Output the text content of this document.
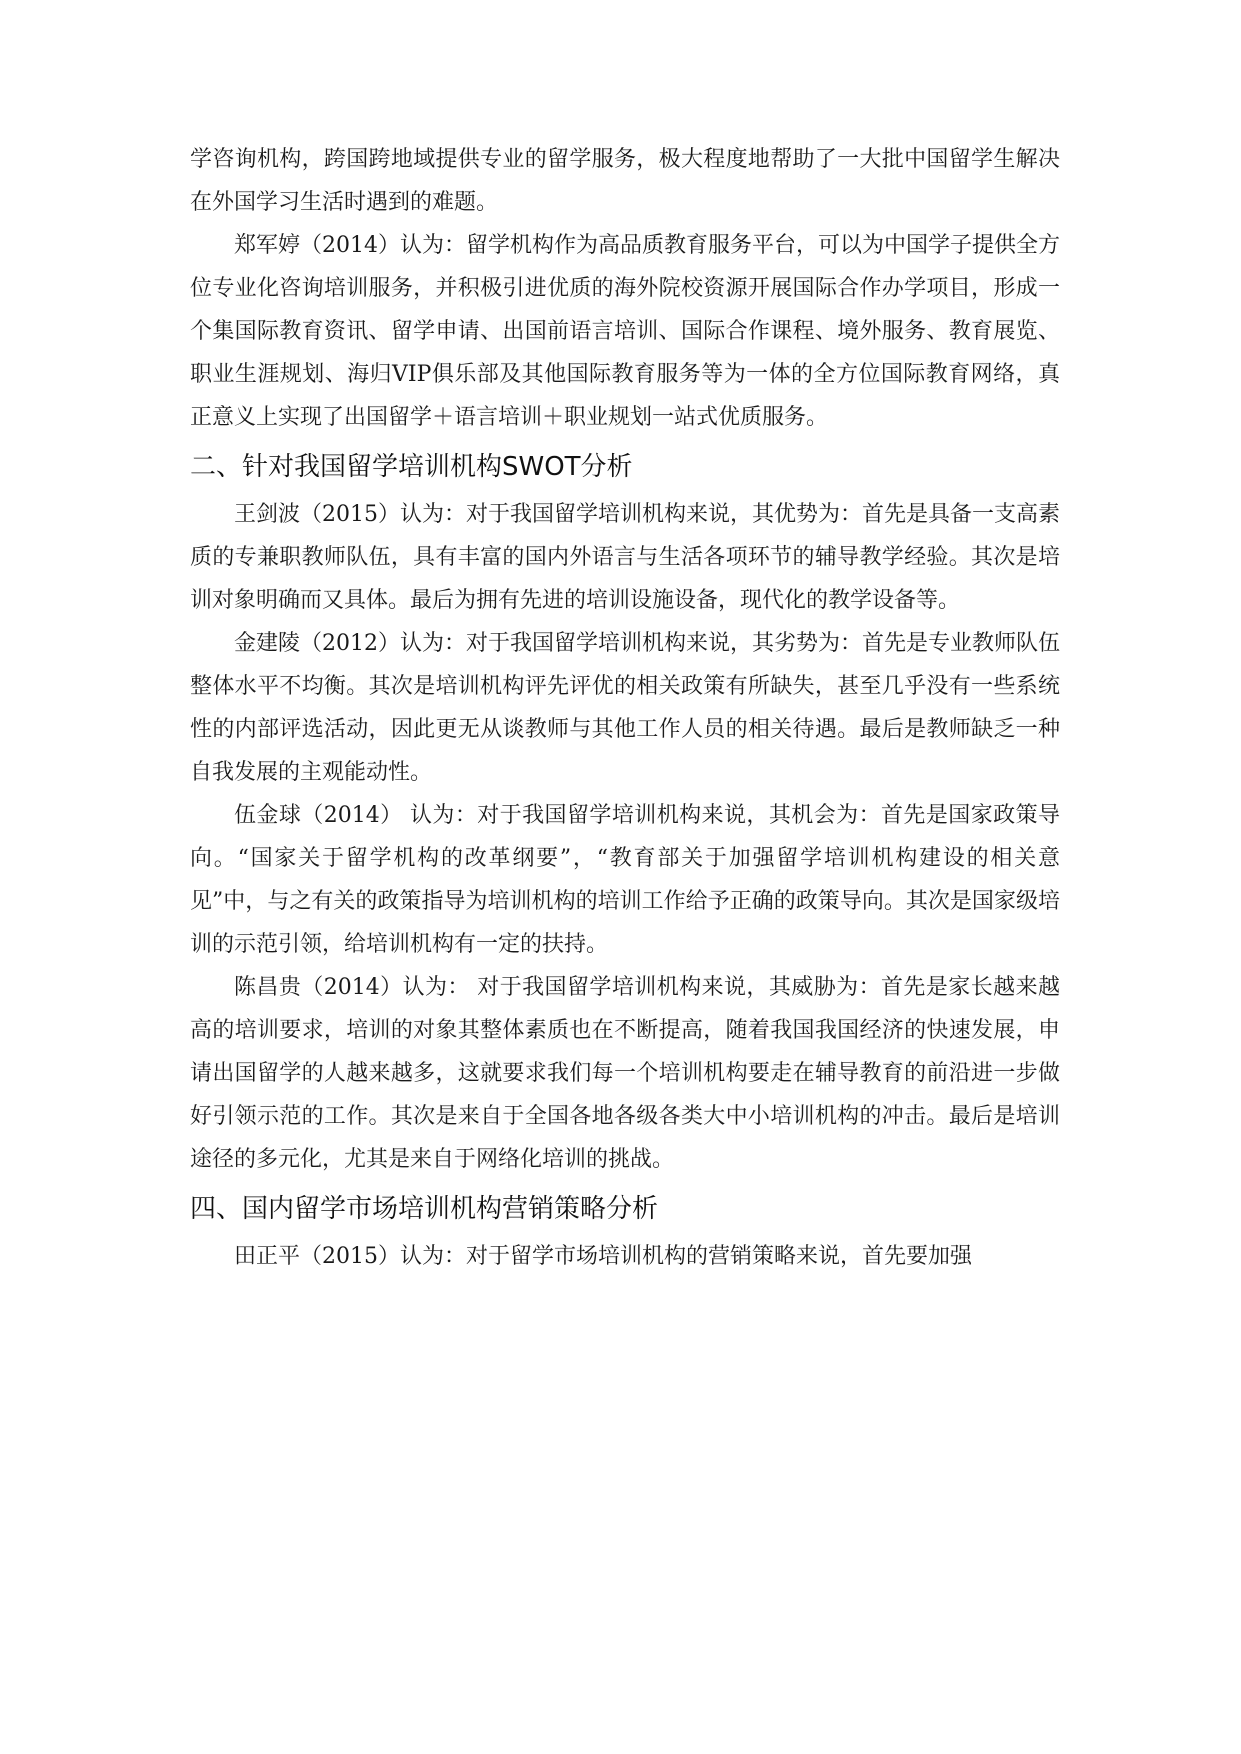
学咨询机构，跨国跨地域提供专业的留学服务，极大程度地帮助了一大批中国留学生解决在外国学习生活时遇到的难题。

郑军婷（2014）认为：留学机构作为高品质教育服务平台，可以为中国学子提供全方位专业化咨询培训服务，并积极引进优质的海外院校资源开展国际合作办学项目，形成一个集国际教育资讯、留学申请、出国前语言培训、国际合作课程、境外服务、教育展览、职业生涯规划、海归VIP俱乐部及其他国际教育服务等为一体的全方位国际教育网络，真正意义上实现了出国留学＋语言培训＋职业规划一站式优质服务。

二、针对我国留学培训机构SWOT分析

王剑波（2015）认为：对于我国留学培训机构来说，其优势为：首先是具备一支高素质的专兼职教师队伍，具有丰富的国内外语言与生活各项环节的辅导教学经验。其次是培训对象明确而又具体。最后为拥有先进的培训设施设备，现代化的教学设备等。

金建陵（2012）认为：对于我国留学培训机构来说，其劣势为：首先是专业教师队伍整体水平不均衡。其次是培训机构评先评优的相关政策有所缺失，甚至几乎没有一些系统性的内部评选活动，因此更无从谈教师与其他工作人员的相关待遇。最后是教师缺乏一种自我发展的主观能动性。

伍金球（2014） 认为：对于我国留学培训机构来说，其机会为：首先是国家政策导向。“国家关于留学机构的改革纲要”，“教育部关于加强留学培训机构建设的相关意见”中，与之有关的政策指导为培训机构的培训工作给予正确的政策导向。其次是国家级培训的示范引领，给培训机构有一定的扶持。

陈昌贵（2014）认为： 对于我国留学培训机构来说，其威胁为：首先是家长越来越高的培训要求，培训的对象其整体素质也在不断提高，随着我国我国经济的快速发展，申请出国留学的人越来越多，这就要求我们每一个培训机构要走在辅导教育的前沿进一步做好引领示范的工作。其次是来自于全国各地各级各类大中小培训机构的冲击。最后是培训途径的多元化，尤其是来自于网络化培训的挑战。

四、国内留学市场培训机构营销策略分析

田正平（2015）认为：对于留学市场培训机构的营销策略来说，首先要加强
